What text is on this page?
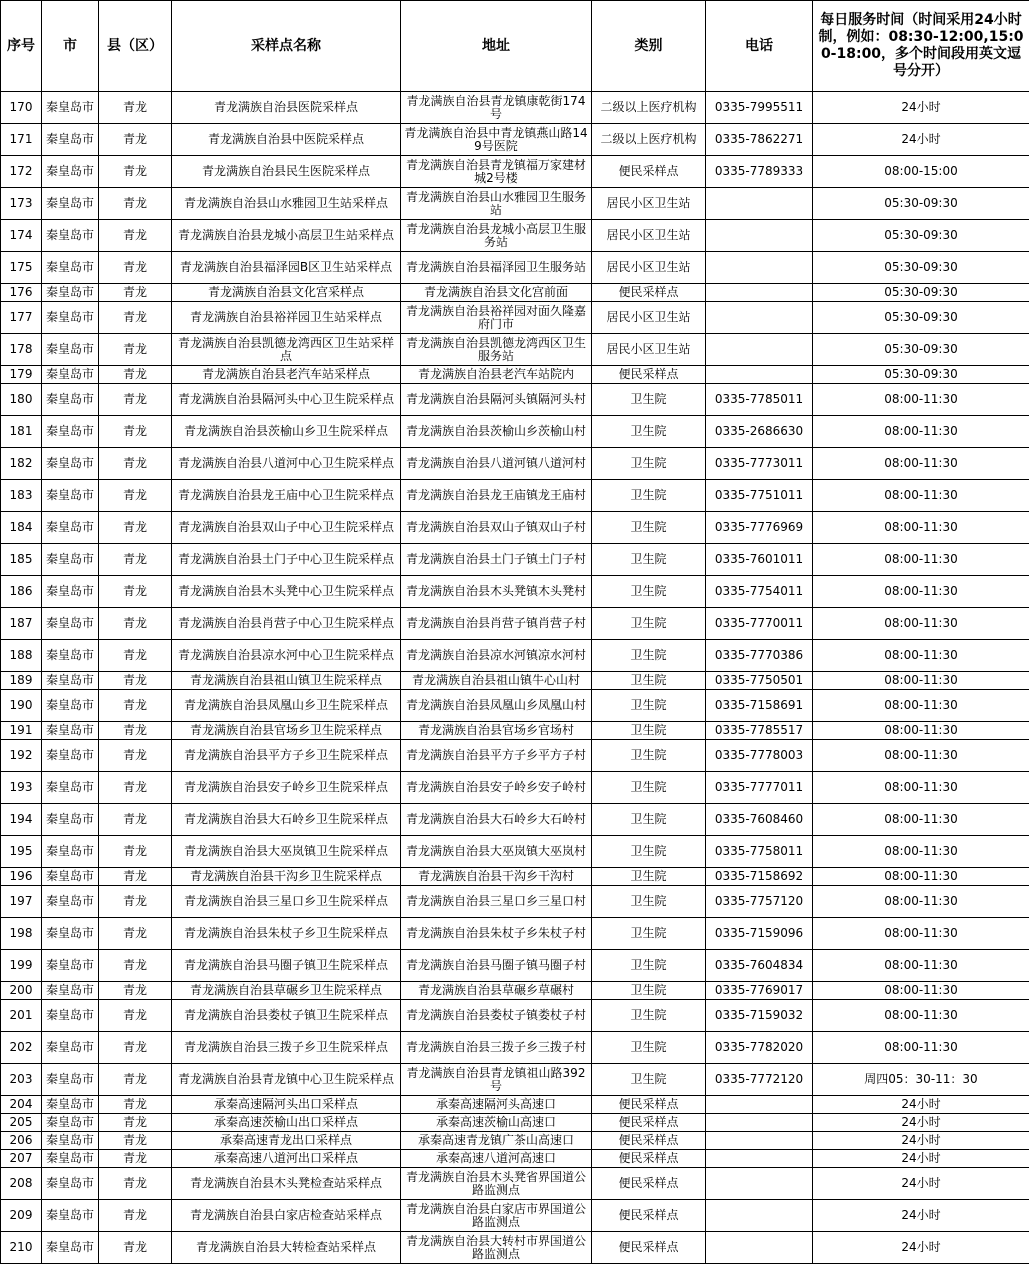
序号	市	县（区）	采样点名称	地址	类别	电话	每日服务时间（时间采用24小时制，例如：08:30-12:00,15:00-18:00，多个时间段用英文逗号分开）
170	秦皇岛市	青龙	青龙满族自治县医院采样点	青龙满族自治县青龙镇康乾街174号	二级以上医疗机构	0335-7995511	24小时
171	秦皇岛市	青龙	青龙满族自治县中医院采样点	青龙满族自治县中青龙镇燕山路149号医院	二级以上医疗机构	0335-7862271	24小时
172	秦皇岛市	青龙	青龙满族自治县民生医院采样点	青龙满族自治县青龙镇福万家建材城2号楼	便民采样点	0335-7789333	08:00-15:00
173	秦皇岛市	青龙	青龙满族自治县山水雅园卫生站采样点	青龙满族自治县山水雅园卫生服务站	居民小区卫生站		05:30-09:30
174	秦皇岛市	青龙	青龙满族自治县龙城小高层卫生站采样点	青龙满族自治县龙城小高层卫生服务站	居民小区卫生站		05:30-09:30
175	秦皇岛市	青龙	青龙满族自治县福泽园B区卫生站采样点	青龙满族自治县福泽园卫生服务站	居民小区卫生站		05:30-09:30
176	秦皇岛市	青龙	青龙满族自治县文化宫采样点	青龙满族自治县文化宫前面	便民采样点		05:30-09:30
177	秦皇岛市	青龙	青龙满族自治县裕祥园卫生站采样点	青龙满族自治县裕祥园对面久隆嘉府门市	居民小区卫生站		05:30-09:30
178	秦皇岛市	青龙	青龙满族自治县凯德龙湾西区卫生站采样点	青龙满族自治县凯德龙湾西区卫生服务站	居民小区卫生站		05:30-09:30
179	秦皇岛市	青龙	青龙满族自治县老汽车站采样点	青龙满族自治县老汽车站院内	便民采样点		05:30-09:30
180	秦皇岛市	青龙	青龙满族自治县隔河头中心卫生院采样点	青龙满族自治县隔河头镇隔河头村	卫生院	0335-7785011	08:00-11:30
181	秦皇岛市	青龙	青龙满族自治县茨榆山乡卫生院采样点	青龙满族自治县茨榆山乡茨榆山村	卫生院	0335-2686630	08:00-11:30
182	秦皇岛市	青龙	青龙满族自治县八道河中心卫生院采样点	青龙满族自治县八道河镇八道河村	卫生院	0335-7773011	08:00-11:30
183	秦皇岛市	青龙	青龙满族自治县龙王庙中心卫生院采样点	青龙满族自治县龙王庙镇龙王庙村	卫生院	0335-7751011	08:00-11:30
184	秦皇岛市	青龙	青龙满族自治县双山子中心卫生院采样点	青龙满族自治县双山子镇双山子村	卫生院	0335-7776969	08:00-11:30
185	秦皇岛市	青龙	青龙满族自治县土门子中心卫生院采样点	青龙满族自治县土门子镇土门子村	卫生院	0335-7601011	08:00-11:30
186	秦皇岛市	青龙	青龙满族自治县木头凳中心卫生院采样点	青龙满族自治县木头凳镇木头凳村	卫生院	0335-7754011	08:00-11:30
187	秦皇岛市	青龙	青龙满族自治县肖营子中心卫生院采样点	青龙满族自治县肖营子镇肖营子村	卫生院	0335-7770011	08:00-11:30
188	秦皇岛市	青龙	青龙满族自治县凉水河中心卫生院采样点	青龙满族自治县凉水河镇凉水河村	卫生院	0335-7770386	08:00-11:30
189	秦皇岛市	青龙	青龙满族自治县祖山镇卫生院采样点	青龙满族自治县祖山镇牛心山村	卫生院	0335-7750501	08:00-11:30
190	秦皇岛市	青龙	青龙满族自治县凤凰山乡卫生院采样点	青龙满族自治县凤凰山乡凤凰山村	卫生院	0335-7158691	08:00-11:30
191	秦皇岛市	青龙	青龙满族自治县官场乡卫生院采样点	青龙满族自治县官场乡官场村	卫生院	0335-7785517	08:00-11:30
192	秦皇岛市	青龙	青龙满族自治县平方子乡卫生院采样点	青龙满族自治县平方子乡平方子村	卫生院	0335-7778003	08:00-11:30
193	秦皇岛市	青龙	青龙满族自治县安子岭乡卫生院采样点	青龙满族自治县安子岭乡安子岭村	卫生院	0335-7777011	08:00-11:30
194	秦皇岛市	青龙	青龙满族自治县大石岭乡卫生院采样点	青龙满族自治县大石岭乡大石岭村	卫生院	0335-7608460	08:00-11:30
195	秦皇岛市	青龙	青龙满族自治县大巫岚镇卫生院采样点	青龙满族自治县大巫岚镇大巫岚村	卫生院	0335-7758011	08:00-11:30
196	秦皇岛市	青龙	青龙满族自治县干沟乡卫生院采样点	青龙满族自治县干沟乡干沟村	卫生院	0335-7158692	08:00-11:30
197	秦皇岛市	青龙	青龙满族自治县三星口乡卫生院采样点	青龙满族自治县三星口乡三星口村	卫生院	0335-7757120	08:00-11:30
198	秦皇岛市	青龙	青龙满族自治县朱杖子乡卫生院采样点	青龙满族自治县朱杖子乡朱杖子村	卫生院	0335-7159096	08:00-11:30
199	秦皇岛市	青龙	青龙满族自治县马圈子镇卫生院采样点	青龙满族自治县马圈子镇马圈子村	卫生院	0335-7604834	08:00-11:30
200	秦皇岛市	青龙	青龙满族自治县草碾乡卫生院采样点	青龙满族自治县草碾乡草碾村	卫生院	0335-7769017	08:00-11:30
201	秦皇岛市	青龙	青龙满族自治县娄杖子镇卫生院采样点	青龙满族自治县娄杖子镇娄杖子村	卫生院	0335-7159032	08:00-11:30
202	秦皇岛市	青龙	青龙满族自治县三拨子乡卫生院采样点	青龙满族自治县三拨子乡三拨子村	卫生院	0335-7782020	08:00-11:30
203	秦皇岛市	青龙	青龙满族自治县青龙镇中心卫生院采样点	青龙满族自治县青龙镇祖山路392号	卫生院	0335-7772120	周四05：30-11：30
204	秦皇岛市	青龙	承秦高速隔河头出口采样点	承秦高速隔河头高速口	便民采样点		24小时
205	秦皇岛市	青龙	承秦高速茨榆山出口采样点	承秦高速茨榆山高速口	便民采样点		24小时
206	秦皇岛市	青龙	承秦高速青龙出口采样点	承秦高速青龙镇广茶山高速口	便民采样点		24小时
207	秦皇岛市	青龙	承秦高速八道河出口采样点	承秦高速八道河高速口	便民采样点		24小时
208	秦皇岛市	青龙	青龙满族自治县木头凳检查站采样点	青龙满族自治县木头凳省界国道公路监测点	便民采样点		24小时
209	秦皇岛市	青龙	青龙满族自治县白家店检查站采样点	青龙满族自治县白家店市界国道公路监测点	便民采样点		24小时
210	秦皇岛市	青龙	青龙满族自治县大转检查站采样点	青龙满族自治县大转村市界国道公路监测点	便民采样点		24小时
